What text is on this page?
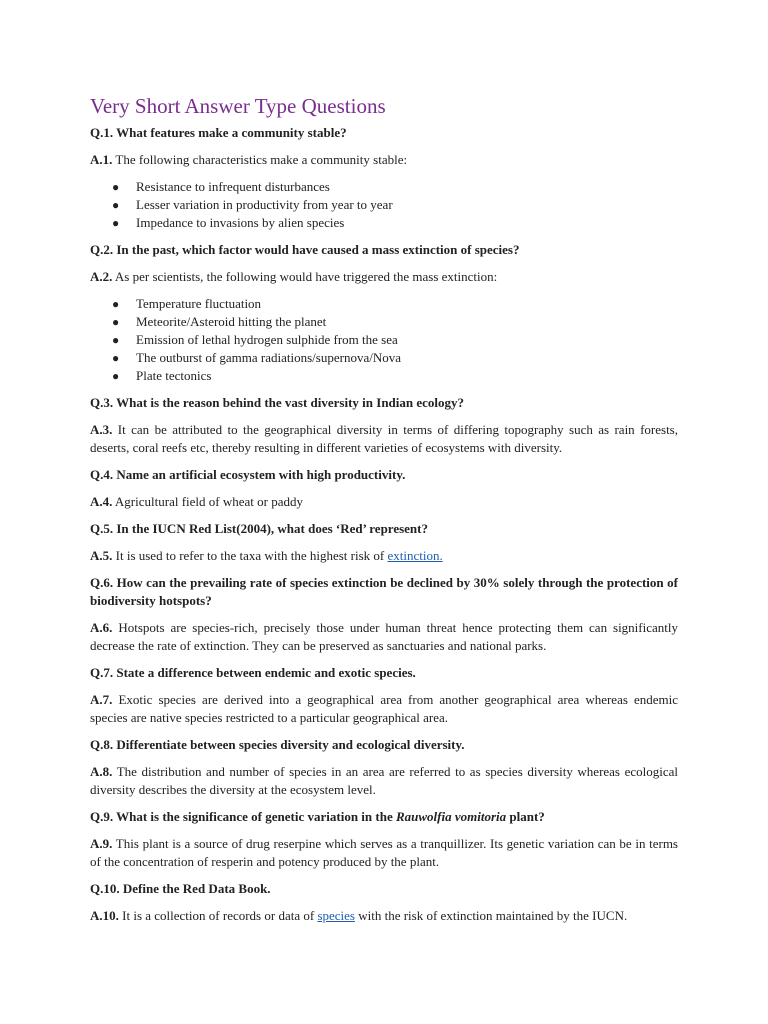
Very Short Answer Type Questions

Q.1. What features make a community stable?

A.1. The following characteristics make a community stable:

● Resistance to infrequent disturbances
● Lesser variation in productivity from year to year
● Impedance to invasions by alien species

Q.2. In the past, which factor would have caused a mass extinction of species?

A.2. As per scientists, the following would have triggered the mass extinction:

● Temperature fluctuation
● Meteorite/Asteroid hitting the planet
● Emission of lethal hydrogen sulphide from the sea
● The outburst of gamma radiations/supernova/Nova
● Plate tectonics

Q.3. What is the reason behind the vast diversity in Indian ecology?

A.3. It can be attributed to the geographical diversity in terms of differing topography such as rain forests, deserts, coral reefs etc, thereby resulting in different varieties of ecosystems with diversity.

Q.4. Name an artificial ecosystem with high productivity.

A.4. Agricultural field of wheat or paddy

Q.5. In the IUCN Red List(2004), what does ‘Red’ represent?

A.5. It is used to refer to the taxa with the highest risk of extinction.

Q.6. How can the prevailing rate of species extinction be declined by 30% solely through the protection of biodiversity hotspots?

A.6. Hotspots are species-rich, precisely those under human threat hence protecting them can significantly decrease the rate of extinction. They can be preserved as sanctuaries and national parks.

Q.7. State a difference between endemic and exotic species.

A.7. Exotic species are derived into a geographical area from another geographical area whereas endemic species are native species restricted to a particular geographical area.

Q.8. Differentiate between species diversity and ecological diversity.

A.8. The distribution and number of species in an area are referred to as species diversity whereas ecological diversity describes the diversity at the ecosystem level.

Q.9. What is the significance of genetic variation in the Rauwolfia vomitoria plant?

A.9. This plant is a source of drug reserpine which serves as a tranquillizer. Its genetic variation can be in terms of the concentration of resperin and potency produced by the plant.

Q.10. Define the Red Data Book.

A.10. It is a collection of records or data of species with the risk of extinction maintained by the IUCN.
